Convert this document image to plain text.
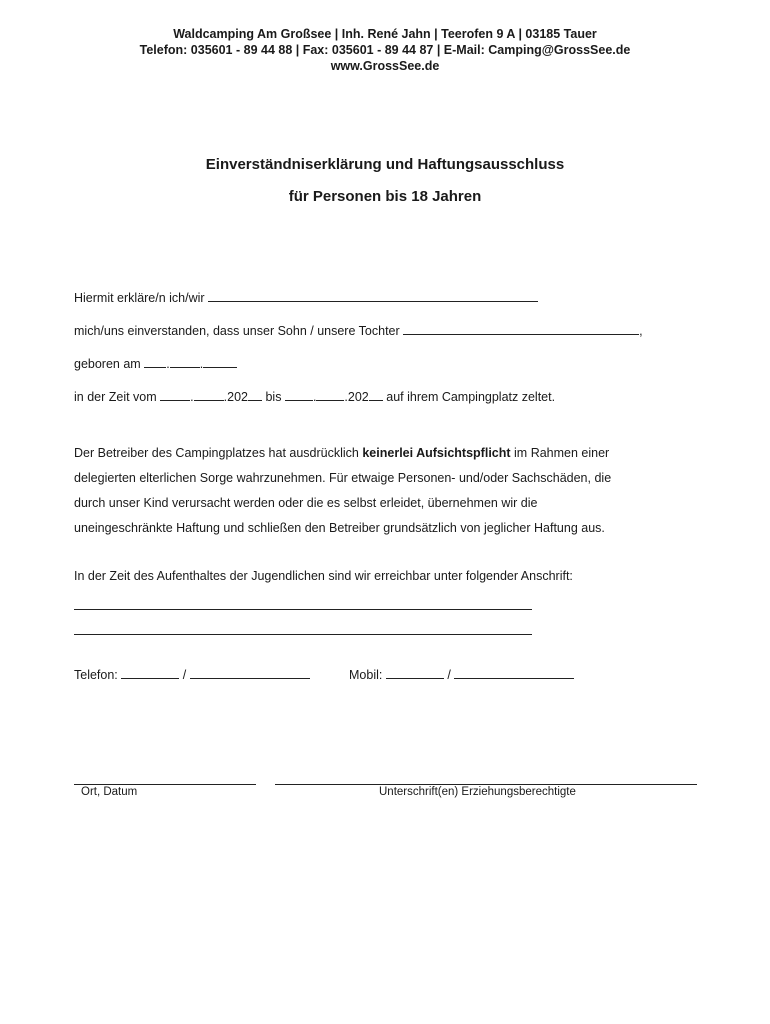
Waldcamping Am Großsee | Inh. René Jahn | Teerofen 9 A | 03185 Tauer
Telefon: 035601 - 89 44 88 | Fax: 035601 - 89 44 87 | E-Mail: Camping@GrossSee.de
www.GrossSee.de
Einverständniserklärung und Haftungsausschluss
für Personen bis 18 Jahren
Hiermit erkläre/n ich/wir
mich/uns einverstanden, dass unser Sohn / unsere Tochter	,
geboren am . .
in der Zeit vom	. .202 bis	. .202 auf ihrem Campingplatz zeltet.
Der Betreiber des Campingplatzes hat ausdrücklich keinerlei Aufsichtspflicht im Rahmen einer
delegierten elterlichen Sorge wahrzunehmen. Für etwaige Personen- und/oder Sachschäden, die
durch unser Kind verursacht werden oder die es selbst erleidet, übernehmen wir die
uneingeschränkte Haftung und schließen den Betreiber grundsätzlich von jeglicher Haftung aus.
In der Zeit des Aufenthaltes der Jugendlichen sind wir erreichbar unter folgender Anschrift:
Telefon:	/	Mobil:	/
Ort, Datum	Unterschrift(en) Erziehungsberechtigte
